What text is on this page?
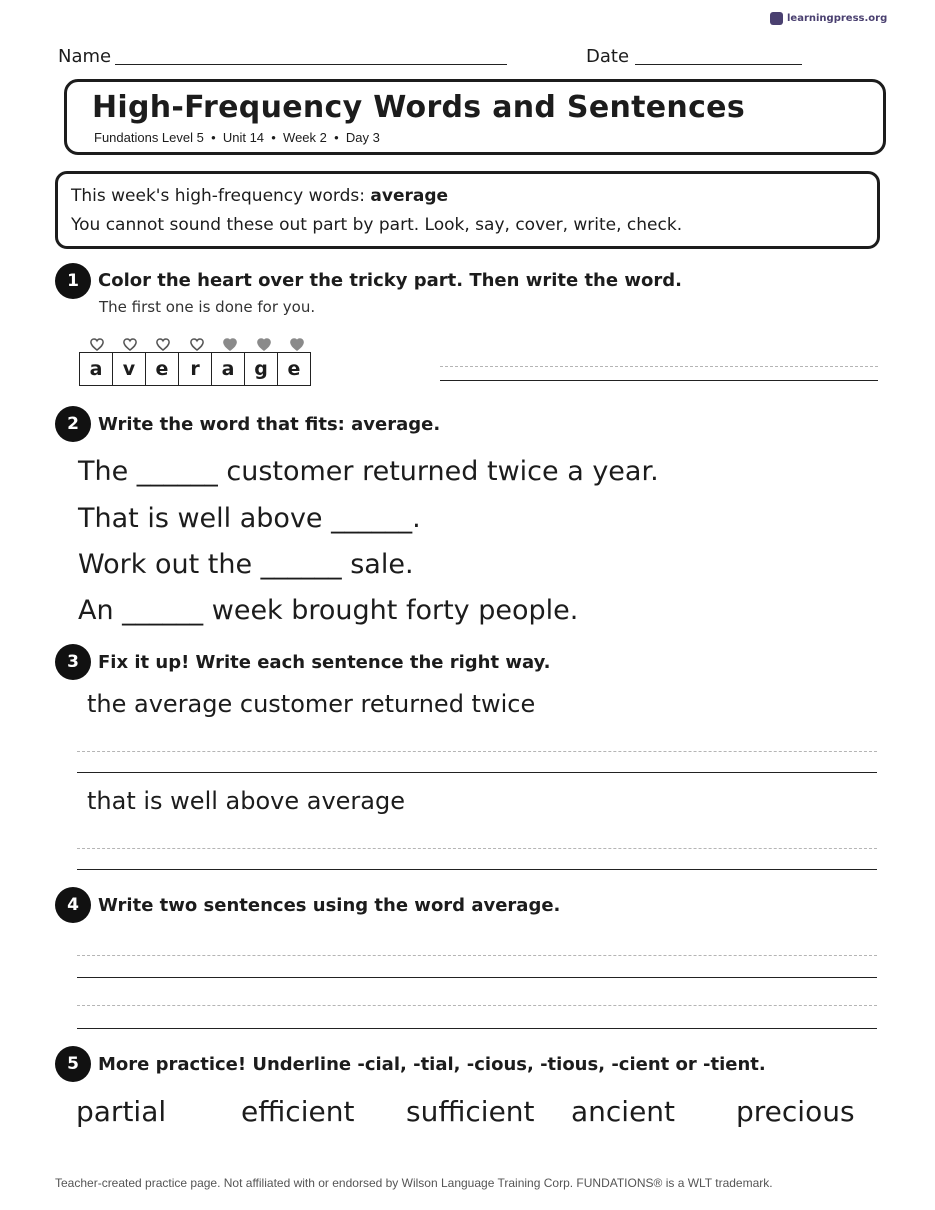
learningpress.org
Name	Date
High-Frequency Words and Sentences
Fundations Level 5  •  Unit 14  •  Week 2  •  Day 3
This week's high-frequency words: average
You cannot sound these out part by part. Look, say, cover, write, check.
1	Color the heart over the tricky part. Then write the word.
The first one is done for you.
a	v	e	r	a	g	e
2	Write the word that fits: average.
The ______ customer returned twice a year.
That is well above ______.
Work out the ______ sale.
An ______ week brought forty people.
3	Fix it up! Write each sentence the right way.
the average customer returned twice
that is well above average
4	Write two sentences using the word average.
5	More practice! Underline -cial, -tial, -cious, -tious, -cient or -tient.
partial	efficient sufficient ancient precious
Teacher-created practice page. Not affiliated with or endorsed by Wilson Language Training Corp. FUNDATIONS® is a WLT trademark.
